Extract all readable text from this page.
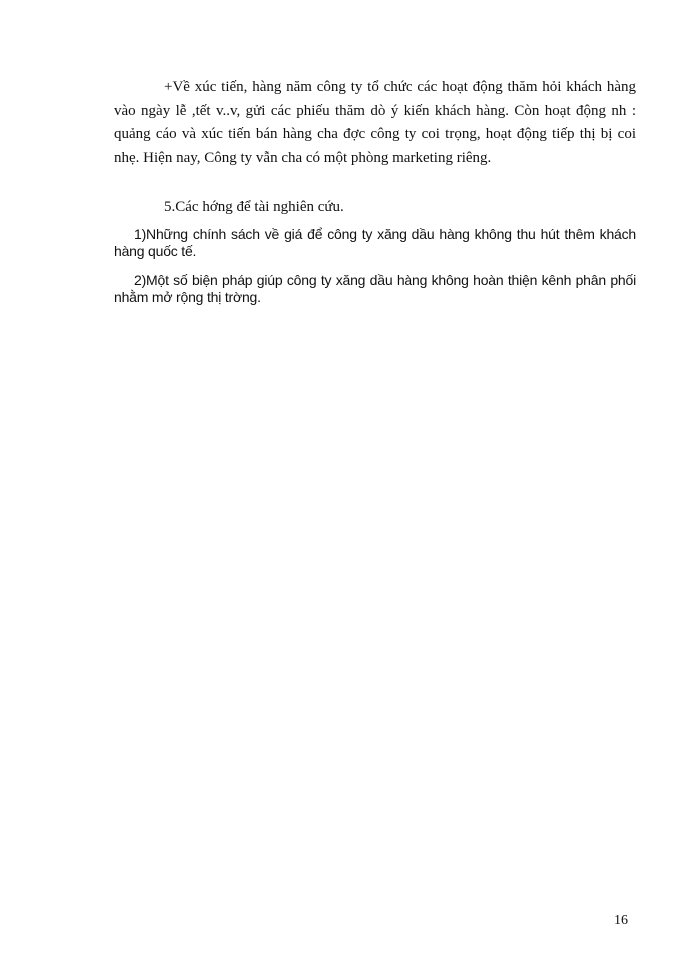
+Về xúc tiến, hàng năm công ty tổ chức các hoạt động thăm hỏi khách hàng vào ngày lễ ,tết v..v, gửi các phiếu thăm dò ý kiến khách hàng. Còn hoạt động nh : quảng cáo và xúc tiến bán hàng cha đợc công ty coi trọng, hoạt động tiếp thị bị coi nhẹ. Hiện nay, Công ty vẫn cha có một phòng marketing riêng.

5.Các hớng để tài nghiên cứu.

1)Những chính sách về giá để công ty xăng dầu hàng không thu hút thêm khách hàng quốc tế.

2)Một số biện pháp giúp công ty xăng dầu hàng không hoàn thiện kênh phân phối nhằm mở rộng thị trờng.

16
